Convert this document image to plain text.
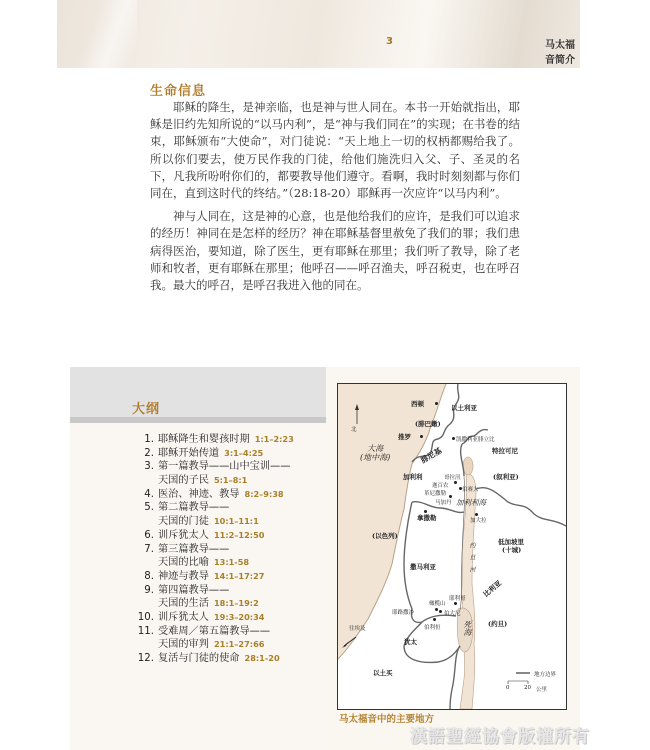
3	马太福音简介
生命信息

耶稣的降生，是神亲临，也是神与世人同在。本书一开始就指出，耶稣是旧约先知所说的“以马内利”，是“神与我们同在”的实现；在书卷的结束，耶稣颁布“大使命”，对门徒说：“天上地上一切的权柄都赐给我了。所以你们要去，使万民作我的门徒，给他们施洗归入父、子、圣灵的名下，凡我所吩咐你们的，都要教导他们遵守。看啊，我时时刻刻都与你们同在，直到这时代的终结。”（28:18-20）耶稣再一次应许“以马内利”。

神与人同在，这是神的心意，也是他给我们的应许，是我们可以追求的经历！神同在是怎样的经历？神在耶稣基督里赦免了我们的罪；我们患病得医治，要知道，除了医生，更有耶稣在那里；我们听了教导，除了老师和牧者，更有耶稣在那里；他呼召——呼召渔夫，呼召税吏，也在呼召我。最大的呼召，是呼召我进入他的同在。

大纲
1. 耶稣降生和婴孩时期 1:1–2:23
2. 耶稣开始传道 3:1–4:25
3. 第一篇教导——山中宝训——
天国的子民 5:1–8:1
4. 医治、神迹、教导 8:2–9:38
5. 第二篇教导——
天国的门徒 10:1–11:1
6. 训斥犹太人 11:2–12:50
7. 第三篇教导——
天国的比喻 13:1-58
8. 神迹与教导 14:1–17:27
9. 第四篇教导——
天国的生活 18:1–19:2
10. 训斥犹太人 19:3–20:34
11. 受难周／第五篇教导——
天国的审判 21:1–27:66
12. 复活与门徒的使命 28:1-20
北
西顿	以土利亚
(腓巴嫩)
推罗	凯撒利亚腓立比
特拉可尼
大海
(地中海)	腓尼基
加利利	(叙利亚)
哥拉汛
迦百农
伯赛大
革尼撒勒
马加丹 加利利海
拿撒勒	加大拉
(以色列)
低加坡里
(十城)
撒马利亚	约旦河
比利亚
耶利哥
橄榄山
耶路撒冷	伯大尼
(约旦)
伯利恒	死海
犹太
往埃及
以土买	地方边界
0	20 公里
马太福音中的主要地方
漢語聖經協會版權所有
